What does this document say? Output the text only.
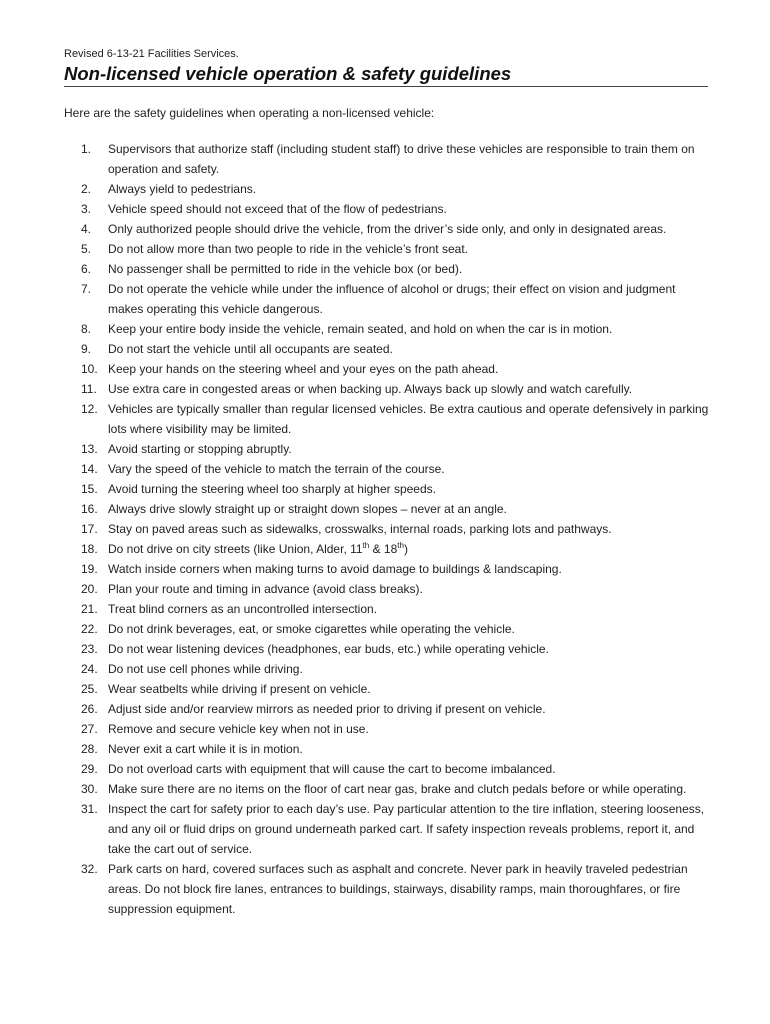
Revised 6-13-21 Facilities Services.
Non-licensed vehicle operation & safety guidelines
Here are the safety guidelines when operating a non-licensed vehicle:
1.	Supervisors that authorize staff (including student staff) to drive these vehicles are responsible to train them on operation and safety.
2.	Always yield to pedestrians.
3.	Vehicle speed should not exceed that of the flow of pedestrians.
4.	Only authorized people should drive the vehicle, from the driver’s side only, and only in designated areas.
5.	Do not allow more than two people to ride in the vehicle’s front seat.
6.	No passenger shall be permitted to ride in the vehicle box (or bed).
7.	Do not operate the vehicle while under the influence of alcohol or drugs; their effect on vision and judgment makes operating this vehicle dangerous.
8.	Keep your entire body inside the vehicle, remain seated, and hold on when the car is in motion.
9.	Do not start the vehicle until all occupants are seated.
10. Keep your hands on the steering wheel and your eyes on the path ahead.
11. Use extra care in congested areas or when backing up. Always back up slowly and watch carefully.
12. Vehicles are typically smaller than regular licensed vehicles. Be extra cautious and operate defensively in parking lots where visibility may be limited.
13. Avoid starting or stopping abruptly.
14. Vary the speed of the vehicle to match the terrain of the course.
15. Avoid turning the steering wheel too sharply at higher speeds.
16. Always drive slowly straight up or straight down slopes – never at an angle.
17. Stay on paved areas such as sidewalks, crosswalks, internal roads, parking lots and pathways.
18. Do not drive on city streets (like Union, Alder, 11th & 18th)
19. Watch inside corners when making turns to avoid damage to buildings & landscaping.
20. Plan your route and timing in advance (avoid class breaks).
21. Treat blind corners as an uncontrolled intersection.
22. Do not drink beverages, eat, or smoke cigarettes while operating the vehicle.
23. Do not wear listening devices (headphones, ear buds, etc.) while operating vehicle.
24. Do not use cell phones while driving.
25. Wear seatbelts while driving if present on vehicle.
26. Adjust side and/or rearview mirrors as needed prior to driving if present on vehicle.
27. Remove and secure vehicle key when not in use.
28. Never exit a cart while it is in motion.
29. Do not overload carts with equipment that will cause the cart to become imbalanced.
30. Make sure there are no items on the floor of cart near gas, brake and clutch pedals before or while operating.
31. Inspect the cart for safety prior to each day’s use. Pay particular attention to the tire inflation, steering looseness, and any oil or fluid drips on ground underneath parked cart. If safety inspection reveals problems, report it, and take the cart out of service.
32. Park carts on hard, covered surfaces such as asphalt and concrete. Never park in heavily traveled pedestrian areas. Do not block fire lanes, entrances to buildings, stairways, disability ramps, main thoroughfares, or fire suppression equipment.
